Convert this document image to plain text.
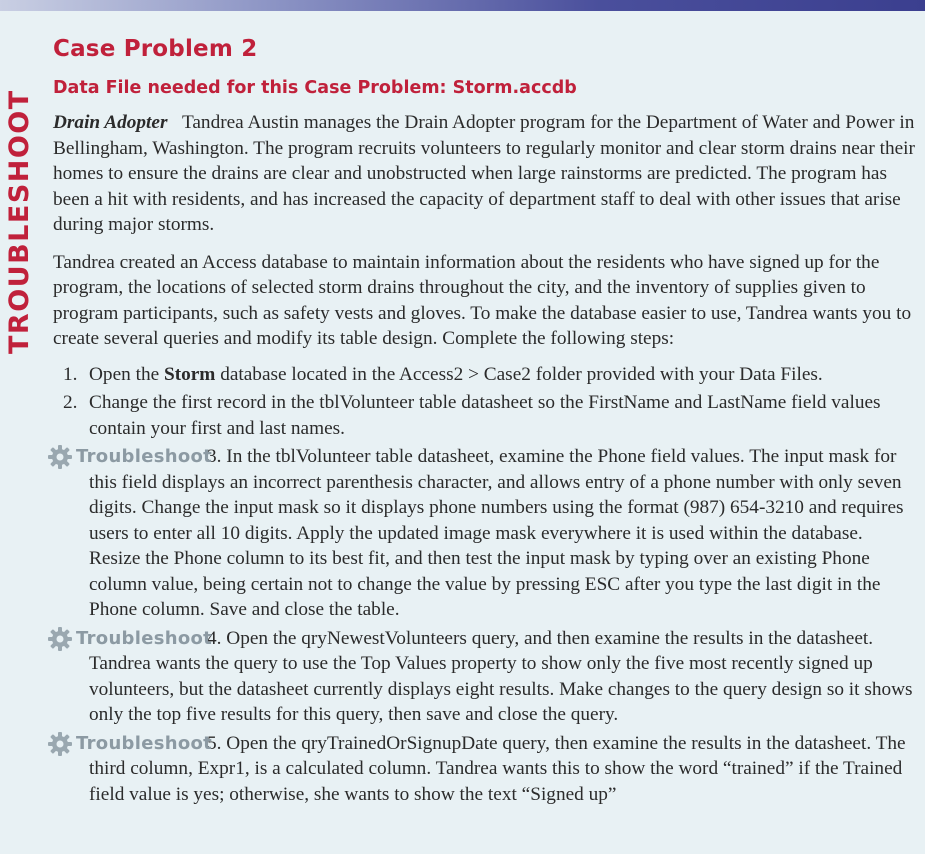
TROUBLESHOOT
Case Problem 2
Data File needed for this Case Problem: Storm.accdb

Drain Adopter Tandrea Austin manages the Drain Adopter program for the Department of Water and Power in Bellingham, Washington. The program recruits volunteers to regularly monitor and clear storm drains near their homes to ensure the drains are clear and unobstructed when large rainstorms are predicted. The program has been a hit with residents, and has increased the capacity of department staff to deal with other issues that arise during major storms.

Tandrea created an Access database to maintain information about the residents who have signed up for the program, the locations of selected storm drains throughout the city, and the inventory of supplies given to program participants, such as safety vests and gloves. To make the database easier to use, Tandrea wants you to create several queries and modify its table design. Complete the following steps:

1. Open the Storm database located in the Access2 > Case2 folder provided with your Data Files.
2. Change the first record in the tblVolunteer table datasheet so the FirstName and LastName field values contain your first and last names.
Troubleshoot
3. In the tblVolunteer table datasheet, examine the Phone field values. The input mask for this field displays an incorrect parenthesis character, and allows entry of a phone number with only seven digits. Change the input mask so it displays phone numbers using the format (987) 654-3210 and requires users to enter all 10 digits. Apply the updated image mask everywhere it is used within the database. Resize the Phone column to its best fit, and then test the input mask by typing over an existing Phone column value, being certain not to change the value by pressing ESC after you type the last digit in the Phone column. Save and close the table.
Troubleshoot
4. Open the qryNewestVolunteers query, and then examine the results in the datasheet. Tandrea wants the query to use the Top Values property to show only the five most recently signed up volunteers, but the datasheet currently displays eight results. Make changes to the query design so it shows only the top five results for this query, then save and close the query.
Troubleshoot
5. Open the qryTrainedOrSignupDate query, then examine the results in the datasheet. The third column, Expr1, is a calculated column. Tandrea wants this to show the word “trained” if the Trained field value is yes; otherwise, she wants to show the text “Signed up”
